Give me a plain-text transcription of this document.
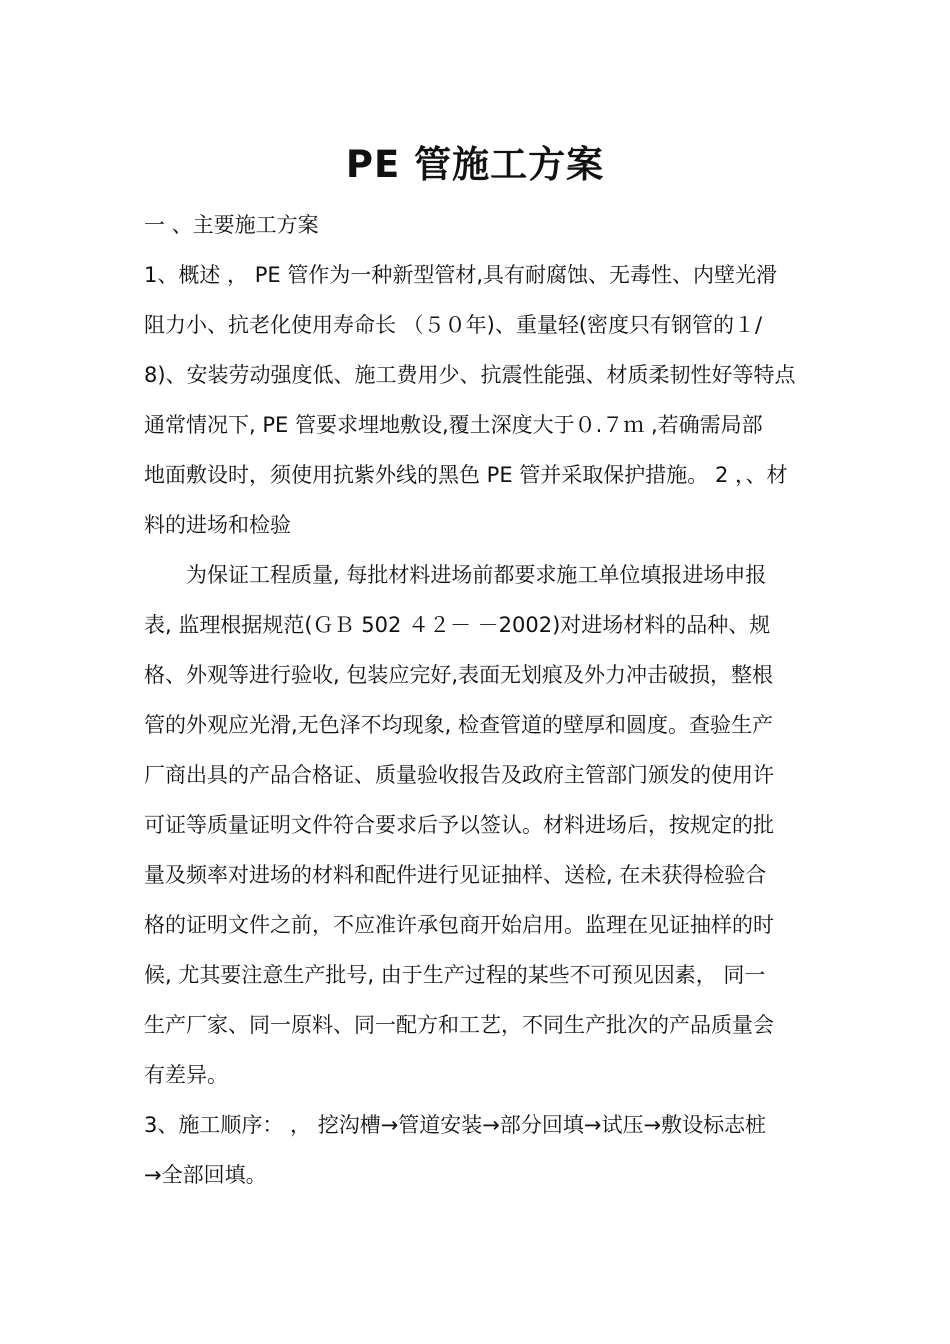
PE 管施工方案
一 、主要施工方案
1、概述 ， PE 管作为一种新型管材,具有耐腐蚀、无毒性、内壁光滑
阻力小、抗老化使用寿命长 （５０年)、重量轻(密度只有钢管的１/
8)、安装劳动强度低、施工费用少、抗震性能强、材质柔韧性好等特点
通常情况下, PE 管要求埋地敷设,覆土深度大于０.７ｍ ,若确需局部
地面敷设时，须使用抗紫外线的黑色 PE 管并采取保护措施。 2 ，、材
料的进场和检验
　　为保证工程质量, 每批材料进场前都要求施工单位填报进场申报
表, 监理根据规范(ＧＢ 502 ４２－ －2002)对进场材料的品种、规
格、外观等进行验收, 包装应完好,表面无划痕及外力冲击破损，整根
管的外观应光滑,无色泽不均现象, 检查管道的壁厚和圆度。查验生产
厂商出具的产品合格证、质量验收报告及政府主管部门颁发的使用许
可证等质量证明文件符合要求后予以签认。材料进场后，按规定的批
量及频率对进场的材料和配件进行见证抽样、送检, 在未获得检验合
格的证明文件之前，不应准许承包商开始启用。监理在见证抽样的时
候, 尤其要注意生产批号, 由于生产过程的某些不可预见因素， 同一
生产厂家、同一原料、同一配方和工艺，不同生产批次的产品质量会
有差异。
3、施工顺序： ， 挖沟槽→管道安装→部分回填→试压→敷设标志桩
→全部回填。
